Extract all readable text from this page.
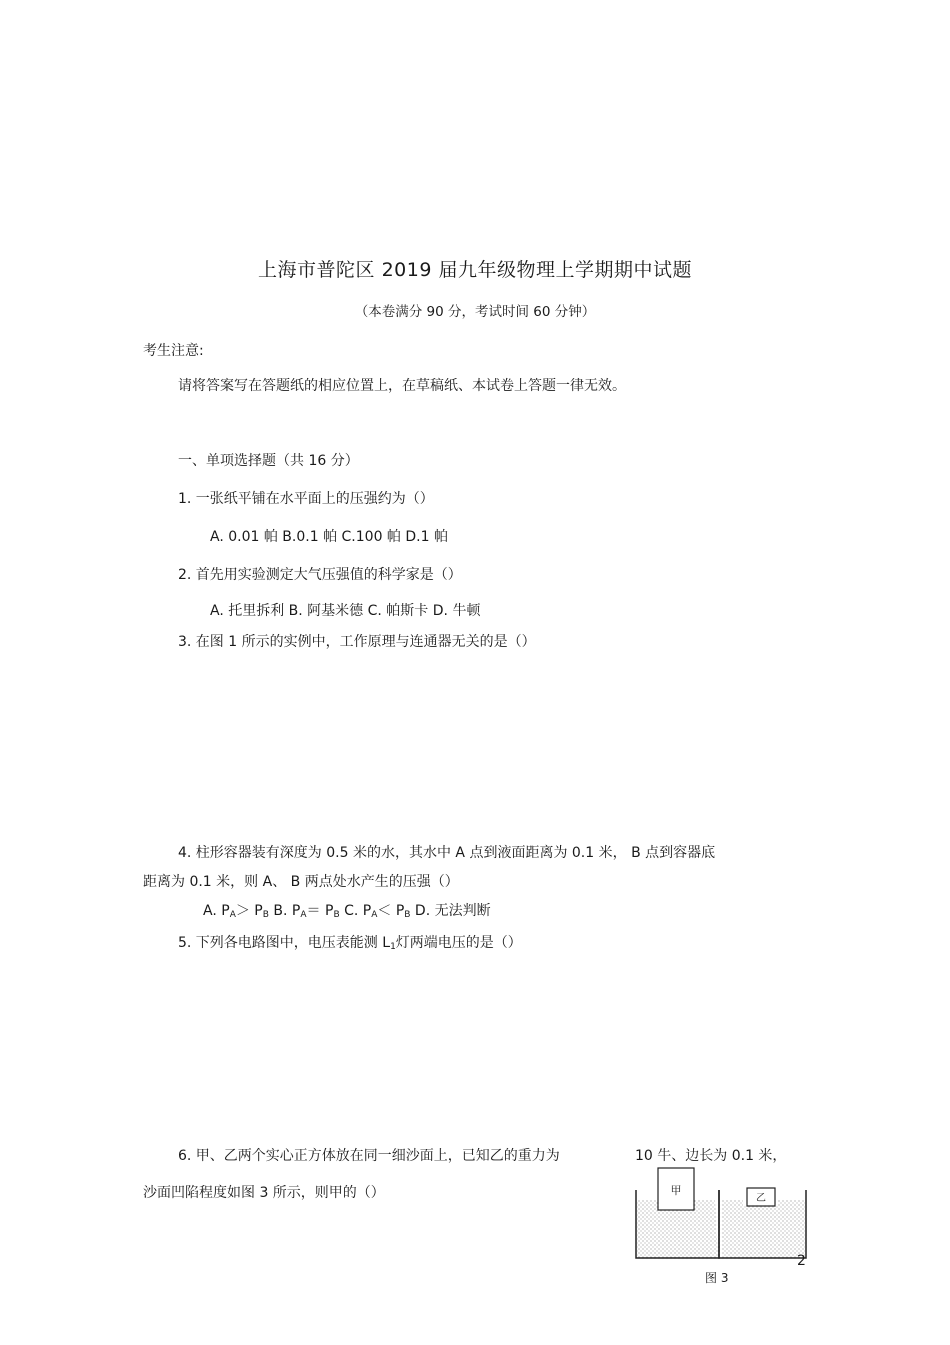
上海市普陀区 2019 届九年级物理上学期期中试题
（本卷满分 90 分，考试时间 60 分钟）
考生注意:
请将答案写在答题纸的相应位置上，在草稿纸、本试卷上答题一律无效。
一、单项选择题（共 16 分）
1. 一张纸平铺在水平面上的压强约为（）
A. 0.01 帕 B.0.1 帕 C.100 帕 D.1 帕
2. 首先用实验测定大气压强值的科学家是（）
A. 托里拆利 B. 阿基米德 C. 帕斯卡 D. 牛顿
3. 在图 1 所示的实例中，工作原理与连通器无关的是（）
4. 柱形容器装有深度为 0.5 米的水，其水中 A 点到液面距离为 0.1 米， B 点到容器底
距离为 0.1 米，则 A、 B 两点处水产生的压强（）
A. $P_A> P_B$ B. $P_A= P_B$ C. $P_A< P_B$ D. 无法判断
5. 下列各电路图中，电压表能测 $L_1$灯两端电压的是（）
6. 甲、乙两个实心正方体放在同一细沙面上，已知乙的重力为	10 牛、边长为 0.1 米，
沙面凹陷程度如图 3 所示，则甲的（）	甲
乙
图 3
2
